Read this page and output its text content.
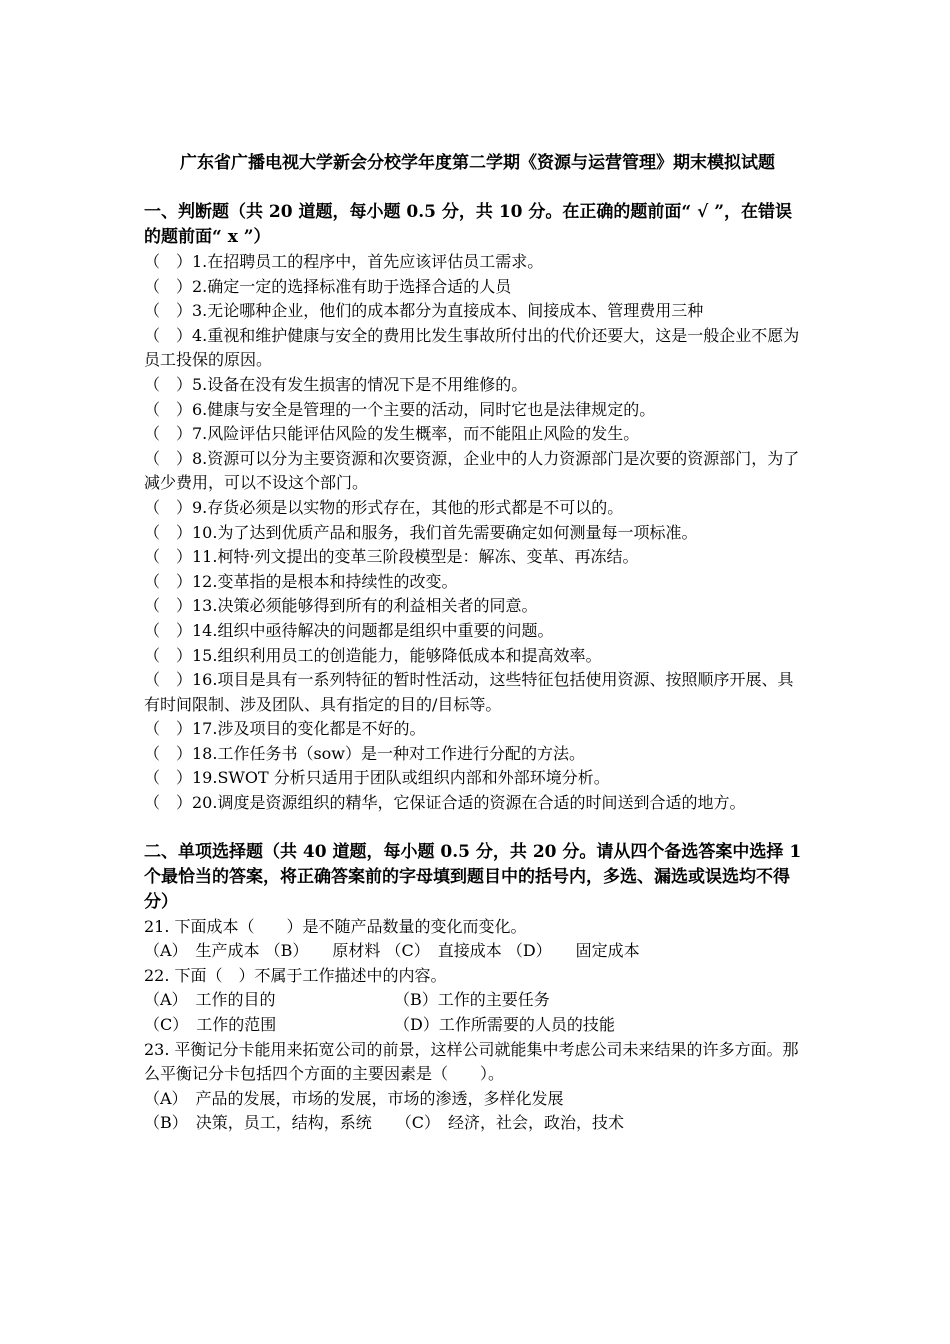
广东省广播电视大学新会分校学年度第二学期《资源与运营管理》期末模拟试题

一、判断题（共 20 道题，每小题 0.5 分，共 10 分。在正确的题前面“ √ ”，在错误的题前面“ x ”）

（　）1.在招聘员工的程序中，首先应该评估员工需求。

（　）2.确定一定的选择标准有助于选择合适的人员

（　）3.无论哪种企业，他们的成本都分为直接成本、间接成本、管理费用三种

（　）4.重视和维护健康与安全的费用比发生事故所付出的代价还要大，这是一般企业不愿为员工投保的原因。

（　）5.设备在没有发生损害的情况下是不用维修的。

（　）6.健康与安全是管理的一个主要的活动，同时它也是法律规定的。

（　）7.风险评估只能评估风险的发生概率，而不能阻止风险的发生。

（　）8.资源可以分为主要资源和次要资源，企业中的人力资源部门是次要的资源部门，为了减少费用，可以不设这个部门。

（　）9.存货必须是以实物的形式存在，其他的形式都是不可以的。

（　）10.为了达到优质产品和服务，我们首先需要确定如何测量每一项标准。

（　）11.柯特·列文提出的变革三阶段模型是：解冻、变革、再冻结。

（　）12.变革指的是根本和持续性的改变。

（　）13.决策必须能够得到所有的利益相关者的同意。

（　）14.组织中亟待解决的问题都是组织中重要的问题。

（　）15.组织利用员工的创造能力，能够降低成本和提高效率。

（　）16.项目是具有一系列特征的暂时性活动，这些特征包括使用资源、按照顺序开展、具有时间限制、涉及团队、具有指定的目的/目标等。

（　）17.涉及项目的变化都是不好的。

（　）18.工作任务书（sow）是一种对工作进行分配的方法。

（　）19.SWOT 分析只适用于团队或组织内部和外部环境分析。

（　）20.调度是资源组织的精华，它保证合适的资源在合适的时间送到合适的地方。

二、单项选择题（共 40 道题，每小题 0.5 分，共 20 分。请从四个备选答案中选择 1 个最恰当的答案，将正确答案前的字母填到题目中的括号内，多选、漏选或误选均不得分）

21. 下面成本（　　）是不随产品数量的变化而变化。

（A）　生产成本 （B）　　原材料 （C）　直接成本 （D）　　固定成本

22. 下面（　）不属于工作描述中的内容。

（A）　工作的目的	（B）工作的主要任务
（C）　工作的范围	（D）工作所需要的人员的技能

23. 平衡记分卡能用来拓宽公司的前景，这样公司就能集中考虑公司未来结果的许多方面。那么平衡记分卡包括四个方面的主要因素是（　　）。

（A）　产品的发展，市场的发展，市场的渗透，多样化发展

（B）　决策，员工，结构，系统　　（C）　经济，社会，政治，技术
